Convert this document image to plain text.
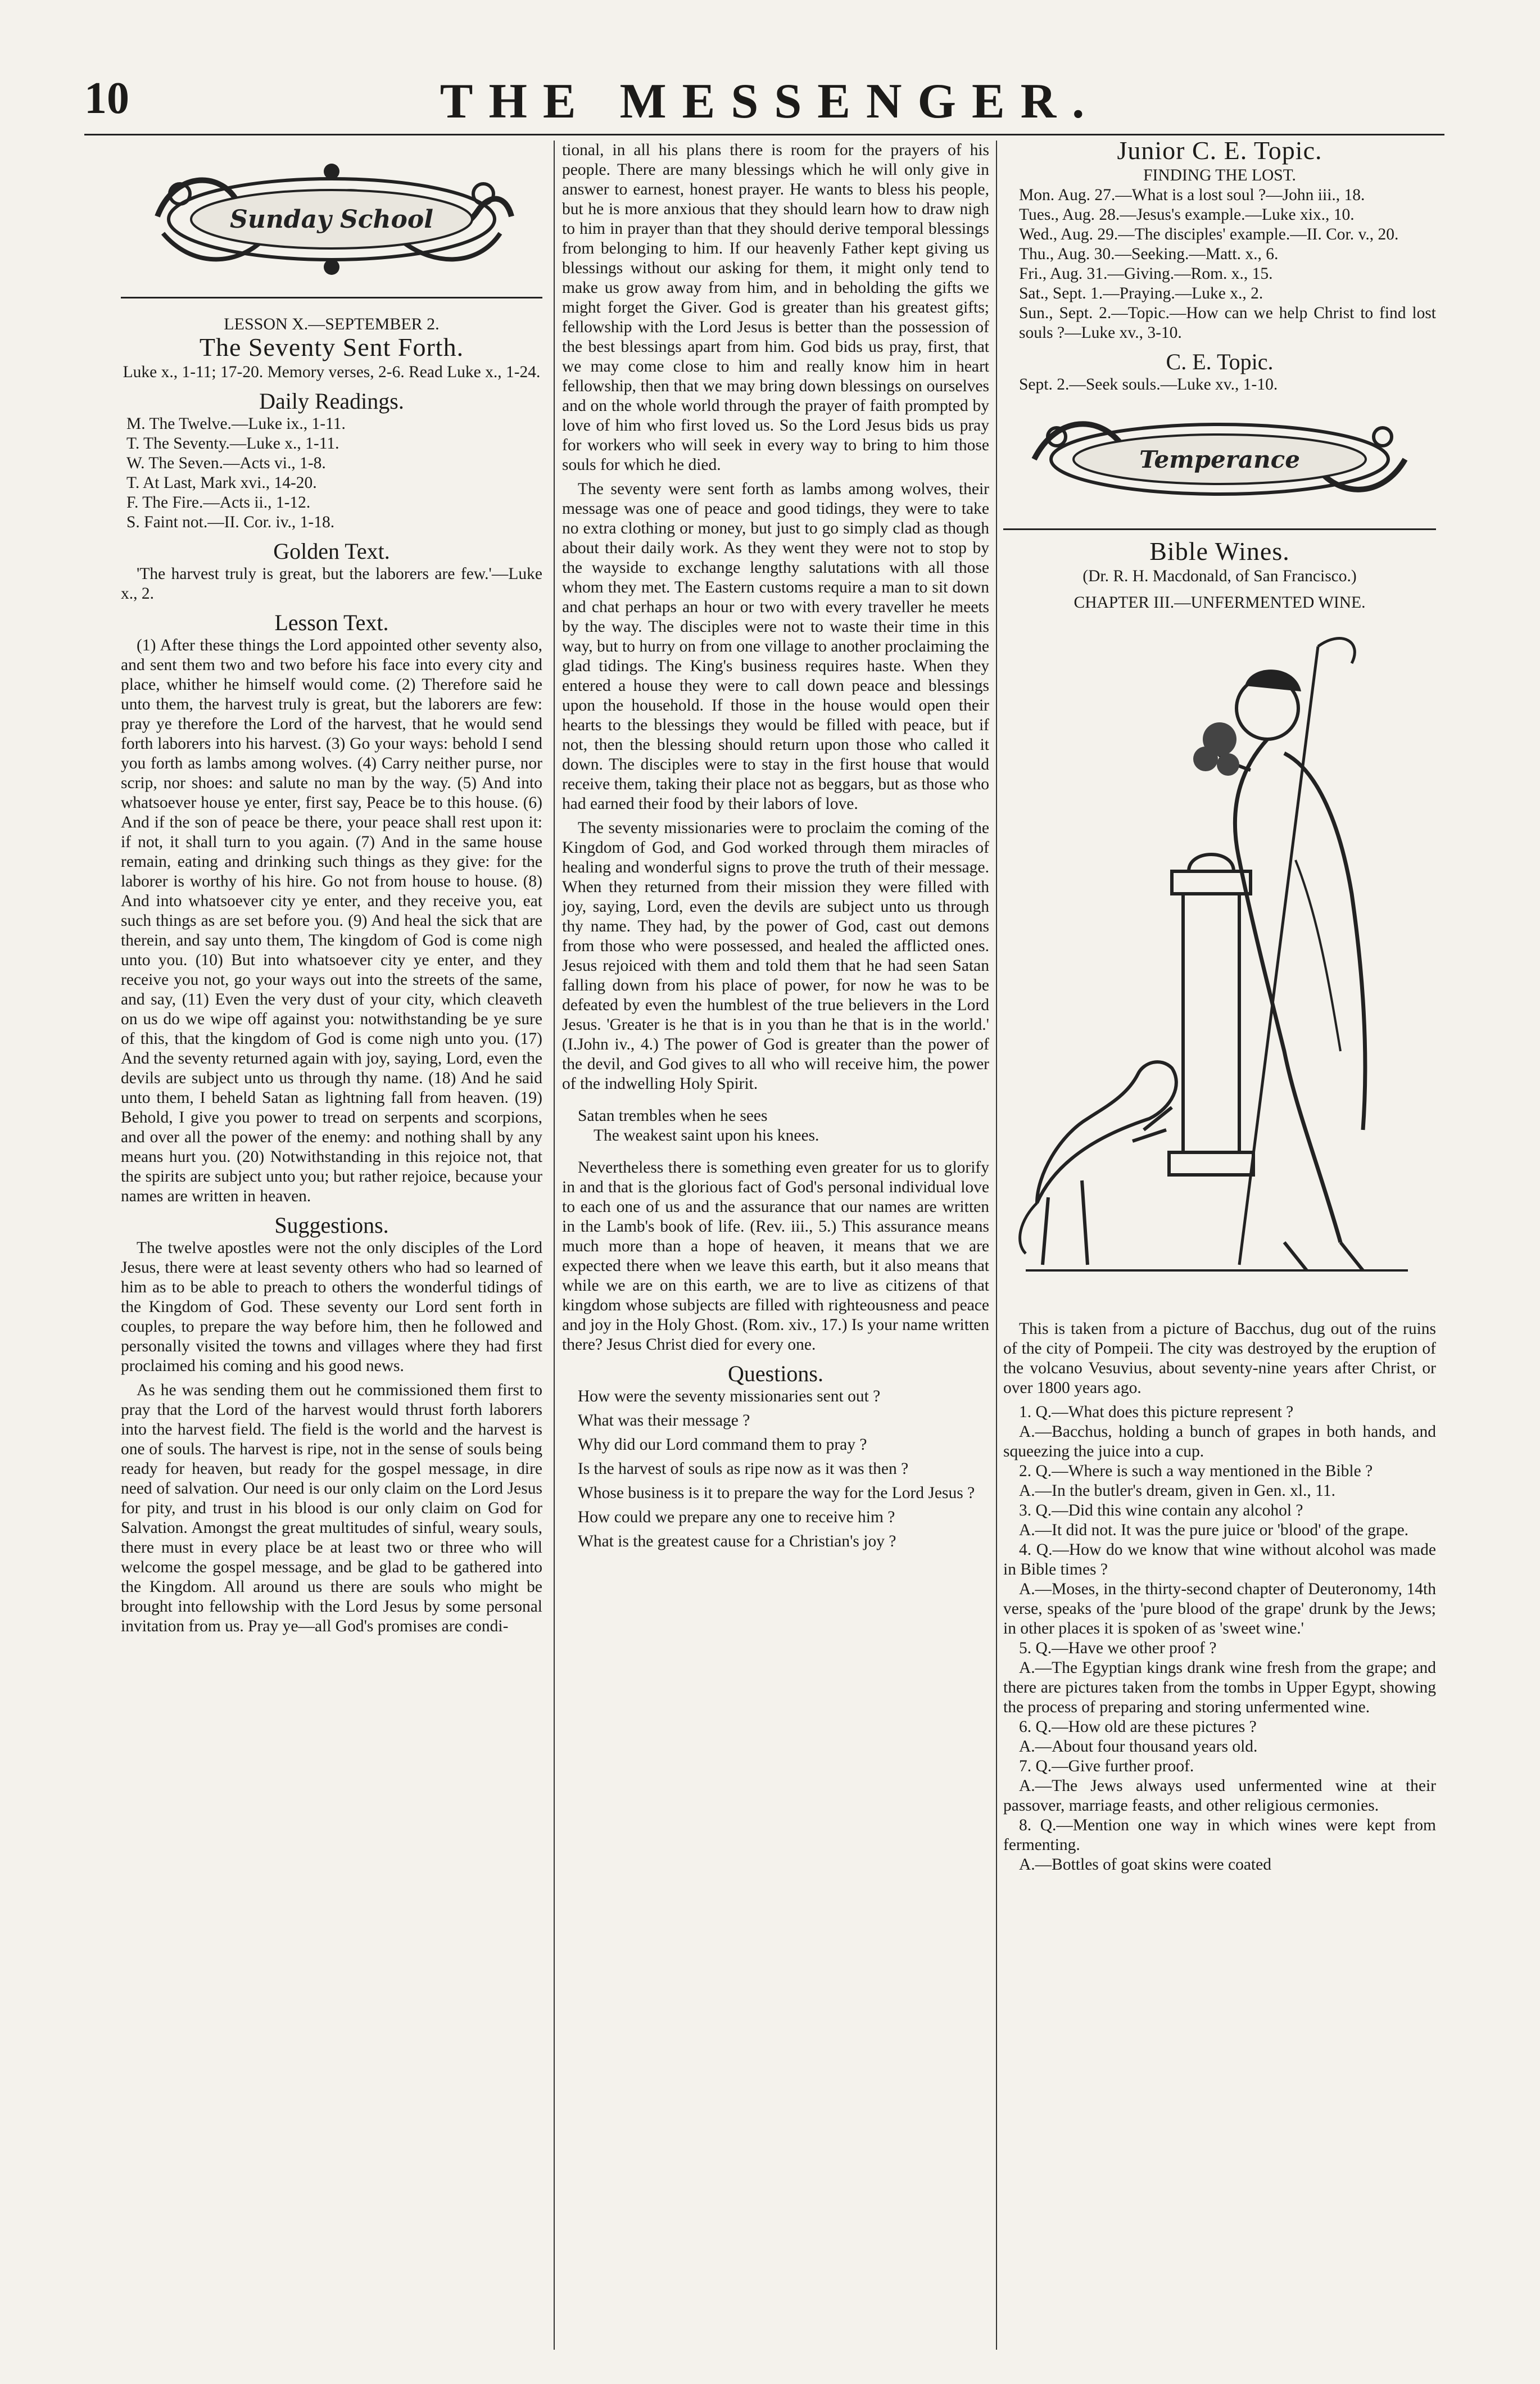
10	THE MESSENGER.
Sunday School
LESSON X.—SEPTEMBER 2.
The Seventy Sent Forth.

Luke x., 1-11; 17-20. Memory verses, 2-6. Read Luke x., 1-24.

Daily Readings.
M. The Twelve.—Luke ix., 1-11.
T. The Seventy.—Luke x., 1-11.
W. The Seven.—Acts vi., 1-8.
T. At Last, Mark xvi., 14-20.
F. The Fire.—Acts ii., 1-12.
S. Faint not.—II. Cor. iv., 1-18.
Golden Text.

'The harvest truly is great, but the laborers are few.'—Luke x., 2.

Lesson Text.

(1) After these things the Lord appointed other seventy also, and sent them two and two before his face into every city and place, whither he himself would come. (2) Therefore said he unto them, the harvest truly is great, but the laborers are few: pray ye therefore the Lord of the harvest, that he would send forth laborers into his harvest. (3) Go your ways: behold I send you forth as lambs among wolves. (4) Carry neither purse, nor scrip, nor shoes: and salute no man by the way. (5) And into whatsoever house ye enter, first say, Peace be to this house. (6) And if the son of peace be there, your peace shall rest upon it: if not, it shall turn to you again. (7) And in the same house remain, eating and drinking such things as they give: for the laborer is worthy of his hire. Go not from house to house. (8) And into whatsoever city ye enter, and they receive you, eat such things as are set before you. (9) And heal the sick that are therein, and say unto them, The kingdom of God is come nigh unto you. (10) But into whatsoever city ye enter, and they receive you not, go your ways out into the streets of the same, and say, (11) Even the very dust of your city, which cleaveth on us do we wipe off against you: notwithstanding be ye sure of this, that the kingdom of God is come nigh unto you. (17) And the seventy returned again with joy, saying, Lord, even the devils are subject unto us through thy name. (18) And he said unto them, I beheld Satan as lightning fall from heaven. (19) Behold, I give you power to tread on serpents and scorpions, and over all the power of the enemy: and nothing shall by any means hurt you. (20) Notwithstanding in this rejoice not, that the spirits are subject unto you; but rather rejoice, because your names are written in heaven.

Suggestions.

The twelve apostles were not the only disciples of the Lord Jesus, there were at least seventy others who had so learned of him as to be able to preach to others the wonderful tidings of the Kingdom of God. These seventy our Lord sent forth in couples, to prepare the way before him, then he followed and personally visited the towns and villages where they had first proclaimed his coming and his good news.

As he was sending them out he commissioned them first to pray that the Lord of the harvest would thrust forth laborers into the harvest field. The field is the world and the harvest is one of souls. The harvest is ripe, not in the sense of souls being ready for heaven, but ready for the gospel message, in dire need of salvation. Our need is our only claim on the Lord Jesus for pity, and trust in his blood is our only claim on God for Salvation. Amongst the great multitudes of sinful, weary souls, there must in every place be at least two or three who will welcome the gospel message, and be glad to be gathered into the Kingdom. All around us there are souls who might be brought into fellowship with the Lord Jesus by some personal invitation from us. Pray ye—all God's promises are condi-

tional, in all his plans there is room for the prayers of his people. There are many blessings which he will only give in answer to earnest, honest prayer. He wants to bless his people, but he is more anxious that they should learn how to draw nigh to him in prayer than that they should derive temporal blessings from belonging to him. If our heavenly Father kept giving us blessings without our asking for them, it might only tend to make us grow away from him, and in beholding the gifts we might forget the Giver. God is greater than his greatest gifts; fellowship with the Lord Jesus is better than the possession of the best blessings apart from him. God bids us pray, first, that we may come close to him and really know him in heart fellowship, then that we may bring down blessings on ourselves and on the whole world through the prayer of faith prompted by love of him who first loved us. So the Lord Jesus bids us pray for workers who will seek in every way to bring to him those souls for which he died.

The seventy were sent forth as lambs among wolves, their message was one of peace and good tidings, they were to take no extra clothing or money, but just to go simply clad as though about their daily work. As they went they were not to stop by the wayside to exchange lengthy salutations with all those whom they met. The Eastern customs require a man to sit down and chat perhaps an hour or two with every traveller he meets by the way. The disciples were not to waste their time in this way, but to hurry on from one village to another proclaiming the glad tidings. The King's business requires haste. When they entered a house they were to call down peace and blessings upon the household. If those in the house would open their hearts to the blessings they would be filled with peace, but if not, then the blessing should return upon those who called it down. The disciples were to stay in the first house that would receive them, taking their place not as beggars, but as those who had earned their food by their labors of love.

The seventy missionaries were to proclaim the coming of the Kingdom of God, and God worked through them miracles of healing and wonderful signs to prove the truth of their message. When they returned from their mission they were filled with joy, saying, Lord, even the devils are subject unto us through thy name. They had, by the power of God, cast out demons from those who were possessed, and healed the afflicted ones. Jesus rejoiced with them and told them that he had seen Satan falling down from his place of power, for now he was to be defeated by even the humblest of the true believers in the Lord Jesus. 'Greater is he that is in you than he that is in the world.' (I.John iv., 4.) The power of God is greater than the power of the devil, and God gives to all who will receive him, the power of the indwelling Holy Spirit.

Satan trembles when he sees
The weakest saint upon his knees.

Nevertheless there is something even greater for us to glorify in and that is the glorious fact of God's personal individual love to each one of us and the assurance that our names are written in the Lamb's book of life. (Rev. iii., 5.) This assurance means much more than a hope of heaven, it means that we are expected there when we leave this earth, but it also means that while we are on this earth, we are to live as citizens of that kingdom whose subjects are filled with righteousness and peace and joy in the Holy Ghost. (Rom. xiv., 17.) Is your name written there? Jesus Christ died for every one.

Questions.

How were the seventy missionaries sent out ?

What was their message ?

Why did our Lord command them to pray ?

Is the harvest of souls as ripe now as it was then ?

Whose business is it to prepare the way for the Lord Jesus ?

How could we prepare any one to receive him ?

What is the greatest cause for a Christian's joy ?

Junior C. E. Topic.
FINDING THE LOST.
Mon. Aug. 27.—What is a lost soul ?—John iii., 18.
Tues., Aug. 28.—Jesus's example.—Luke xix., 10.
Wed., Aug. 29.—The disciples' example.—II. Cor. v., 20.
Thu., Aug. 30.—Seeking.—Matt. x., 6.
Fri., Aug. 31.—Giving.—Rom. x., 15.
Sat., Sept. 1.—Praying.—Luke x., 2.
Sun., Sept. 2.—Topic.—How can we help Christ to find lost souls ?—Luke xv., 3-10.
C. E. Topic.
Sept. 2.—Seek souls.—Luke xv., 1-10.
Temperance
Bible Wines.
(Dr. R. H. Macdonald, of San Francisco.)
CHAPTER III.—UNFERMENTED WINE.

This is taken from a picture of Bacchus, dug out of the ruins of the city of Pompeii. The city was destroyed by the eruption of the volcano Vesuvius, about seventy-nine years after Christ, or over 1800 years ago.

1. Q.—What does this picture represent ?
A.—Bacchus, holding a bunch of grapes in both hands, and squeezing the juice into a cup.
2. Q.—Where is such a way mentioned in the Bible ?
A.—In the butler's dream, given in Gen. xl., 11.
3. Q.—Did this wine contain any alcohol ?
A.—It did not. It was the pure juice or 'blood' of the grape.
4. Q.—How do we know that wine without alcohol was made in Bible times ?
A.—Moses, in the thirty-second chapter of Deuteronomy, 14th verse, speaks of the 'pure blood of the grape' drunk by the Jews; in other places it is spoken of as 'sweet wine.'
5. Q.—Have we other proof ?
A.—The Egyptian kings drank wine fresh from the grape; and there are pictures taken from the tombs in Upper Egypt, showing the process of preparing and storing unfermented wine.
6. Q.—How old are these pictures ?
A.—About four thousand years old.
7. Q.—Give further proof.
A.—The Jews always used unfermented wine at their passover, marriage feasts, and other religious cermonies.
8. Q.—Mention one way in which wines were kept from fermenting.
A.—Bottles of goat skins were coated
